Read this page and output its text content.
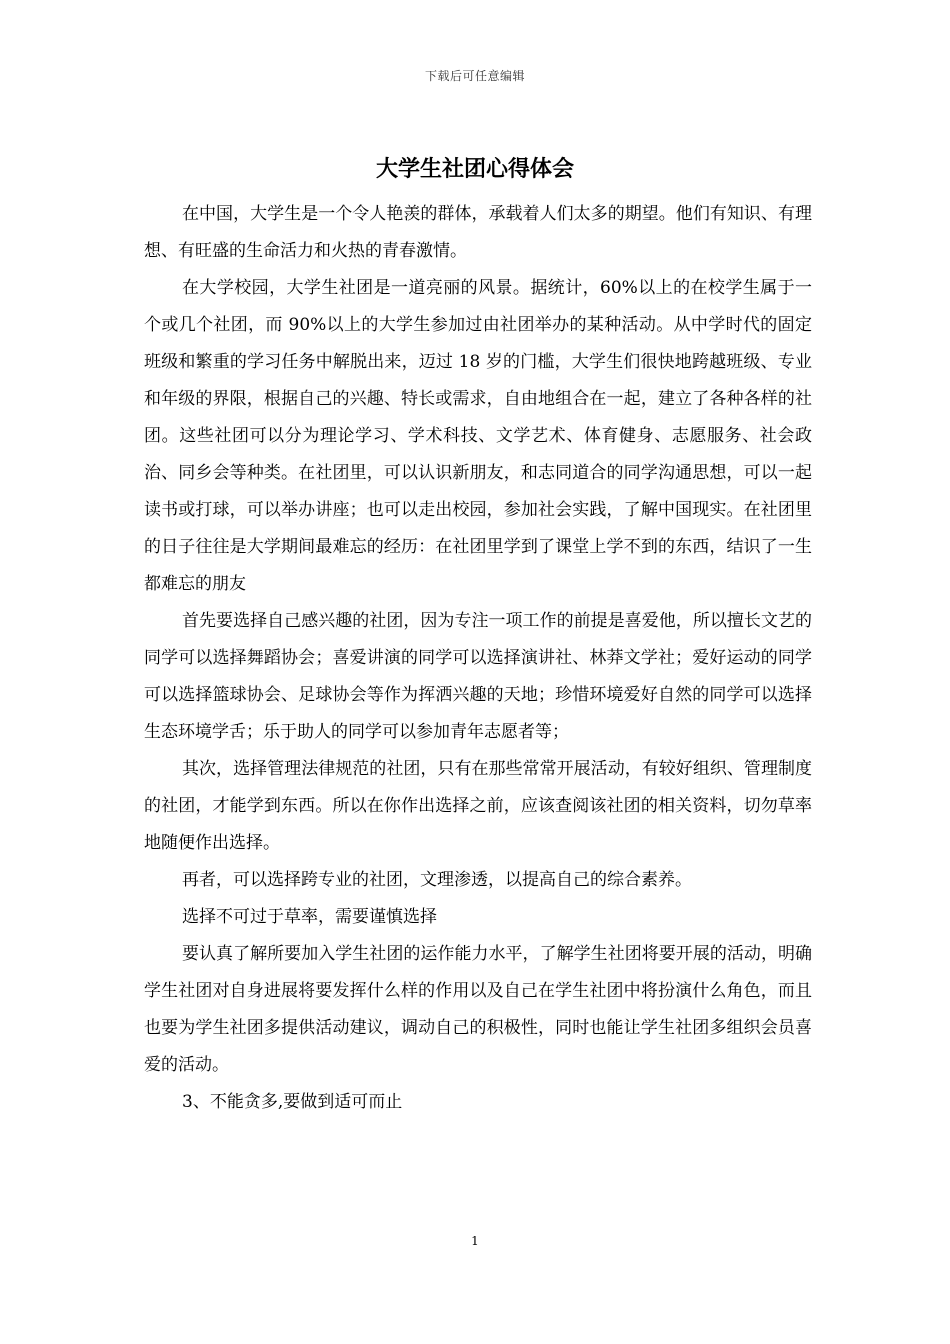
下载后可任意编辑
大学生社团心得体会

在中国，大学生是一个令人艳羡的群体，承载着人们太多的期望。他们有知识、有理想、有旺盛的生命活力和火热的青春激情。

在大学校园，大学生社团是一道亮丽的风景。据统计，60%以上的在校学生属于一个或几个社团，而 90%以上的大学生参加过由社团举办的某种活动。从中学时代的固定班级和繁重的学习任务中解脱出来，迈过 18 岁的门槛，大学生们很快地跨越班级、专业和年级的界限，根据自己的兴趣、特长或需求，自由地组合在一起，建立了各种各样的社团。这些社团可以分为理论学习、学术科技、文学艺术、体育健身、志愿服务、社会政治、同乡会等种类。在社团里，可以认识新朋友，和志同道合的同学沟通思想，可以一起读书或打球，可以举办讲座；也可以走出校园，参加社会实践，了解中国现实。在社团里的日子往往是大学期间最难忘的经历：在社团里学到了课堂上学不到的东西，结识了一生都难忘的朋友

首先要选择自己感兴趣的社团，因为专注一项工作的前提是喜爱他，所以擅长文艺的同学可以选择舞蹈协会；喜爱讲演的同学可以选择演讲社、林莽文学社；爱好运动的同学可以选择篮球协会、足球协会等作为挥洒兴趣的天地；珍惜环境爱好自然的同学可以选择生态环境学舌；乐于助人的同学可以参加青年志愿者等；

其次，选择管理法律规范的社团，只有在那些常常开展活动，有较好组织、管理制度的社团，才能学到东西。所以在你作出选择之前，应该查阅该社团的相关资料，切勿草率地随便作出选择。

再者，可以选择跨专业的社团，文理渗透，以提高自己的综合素养。

选择不可过于草率，需要谨慎选择

要认真了解所要加入学生社团的运作能力水平，了解学生社团将要开展的活动，明确学生社团对自身进展将要发挥什么样的作用以及自己在学生社团中将扮演什么角色，而且也要为学生社团多提供活动建议，调动自己的积极性，同时也能让学生社团多组织会员喜爱的活动。

3、不能贪多,要做到适可而止

1
